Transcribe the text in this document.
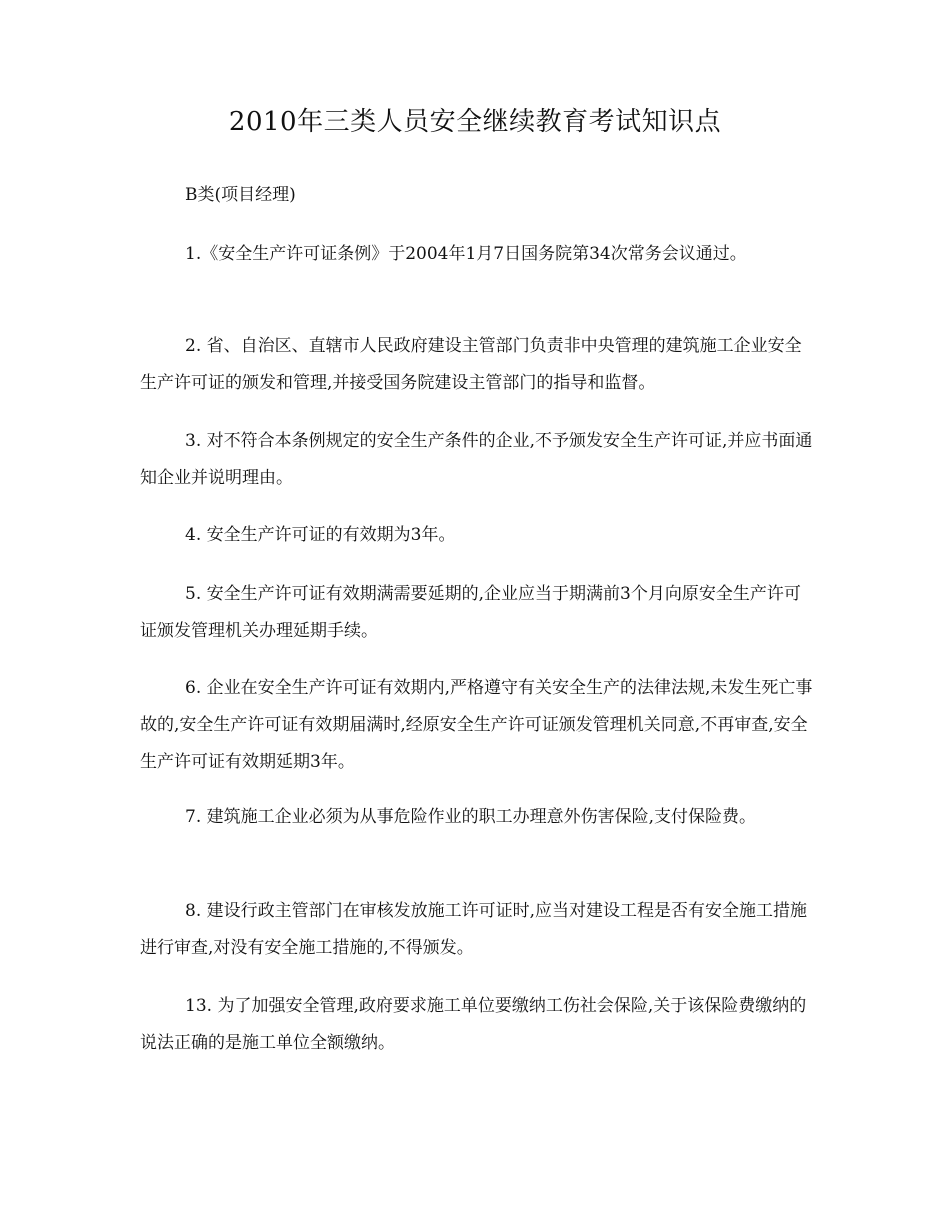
2010年三类人员安全继续教育考试知识点
B类(项目经理)

1.《安全生产许可证条例》于2004年1月7日国务院第34次常务会议通过。

2. 省、自治区、直辖市人民政府建设主管部门负责非中央管理的建筑施工企业安全生产许可证的颁发和管理,并接受国务院建设主管部门的指导和监督。

3. 对不符合本条例规定的安全生产条件的企业,不予颁发安全生产许可证,并应书面通知企业并说明理由。

4. 安全生产许可证的有效期为3年。

5. 安全生产许可证有效期满需要延期的,企业应当于期满前3个月向原安全生产许可证颁发管理机关办理延期手续。

6. 企业在安全生产许可证有效期内,严格遵守有关安全生产的法律法规,未发生死亡事故的,安全生产许可证有效期届满时,经原安全生产许可证颁发管理机关同意,不再审查,安全生产许可证有效期延期3年。

7. 建筑施工企业必须为从事危险作业的职工办理意外伤害保险,支付保险费。

8. 建设行政主管部门在审核发放施工许可证时,应当对建设工程是否有安全施工措施进行审查,对没有安全施工措施的,不得颁发。

13. 为了加强安全管理,政府要求施工单位要缴纳工伤社会保险,关于该保险费缴纳的说法正确的是施工单位全额缴纳。
